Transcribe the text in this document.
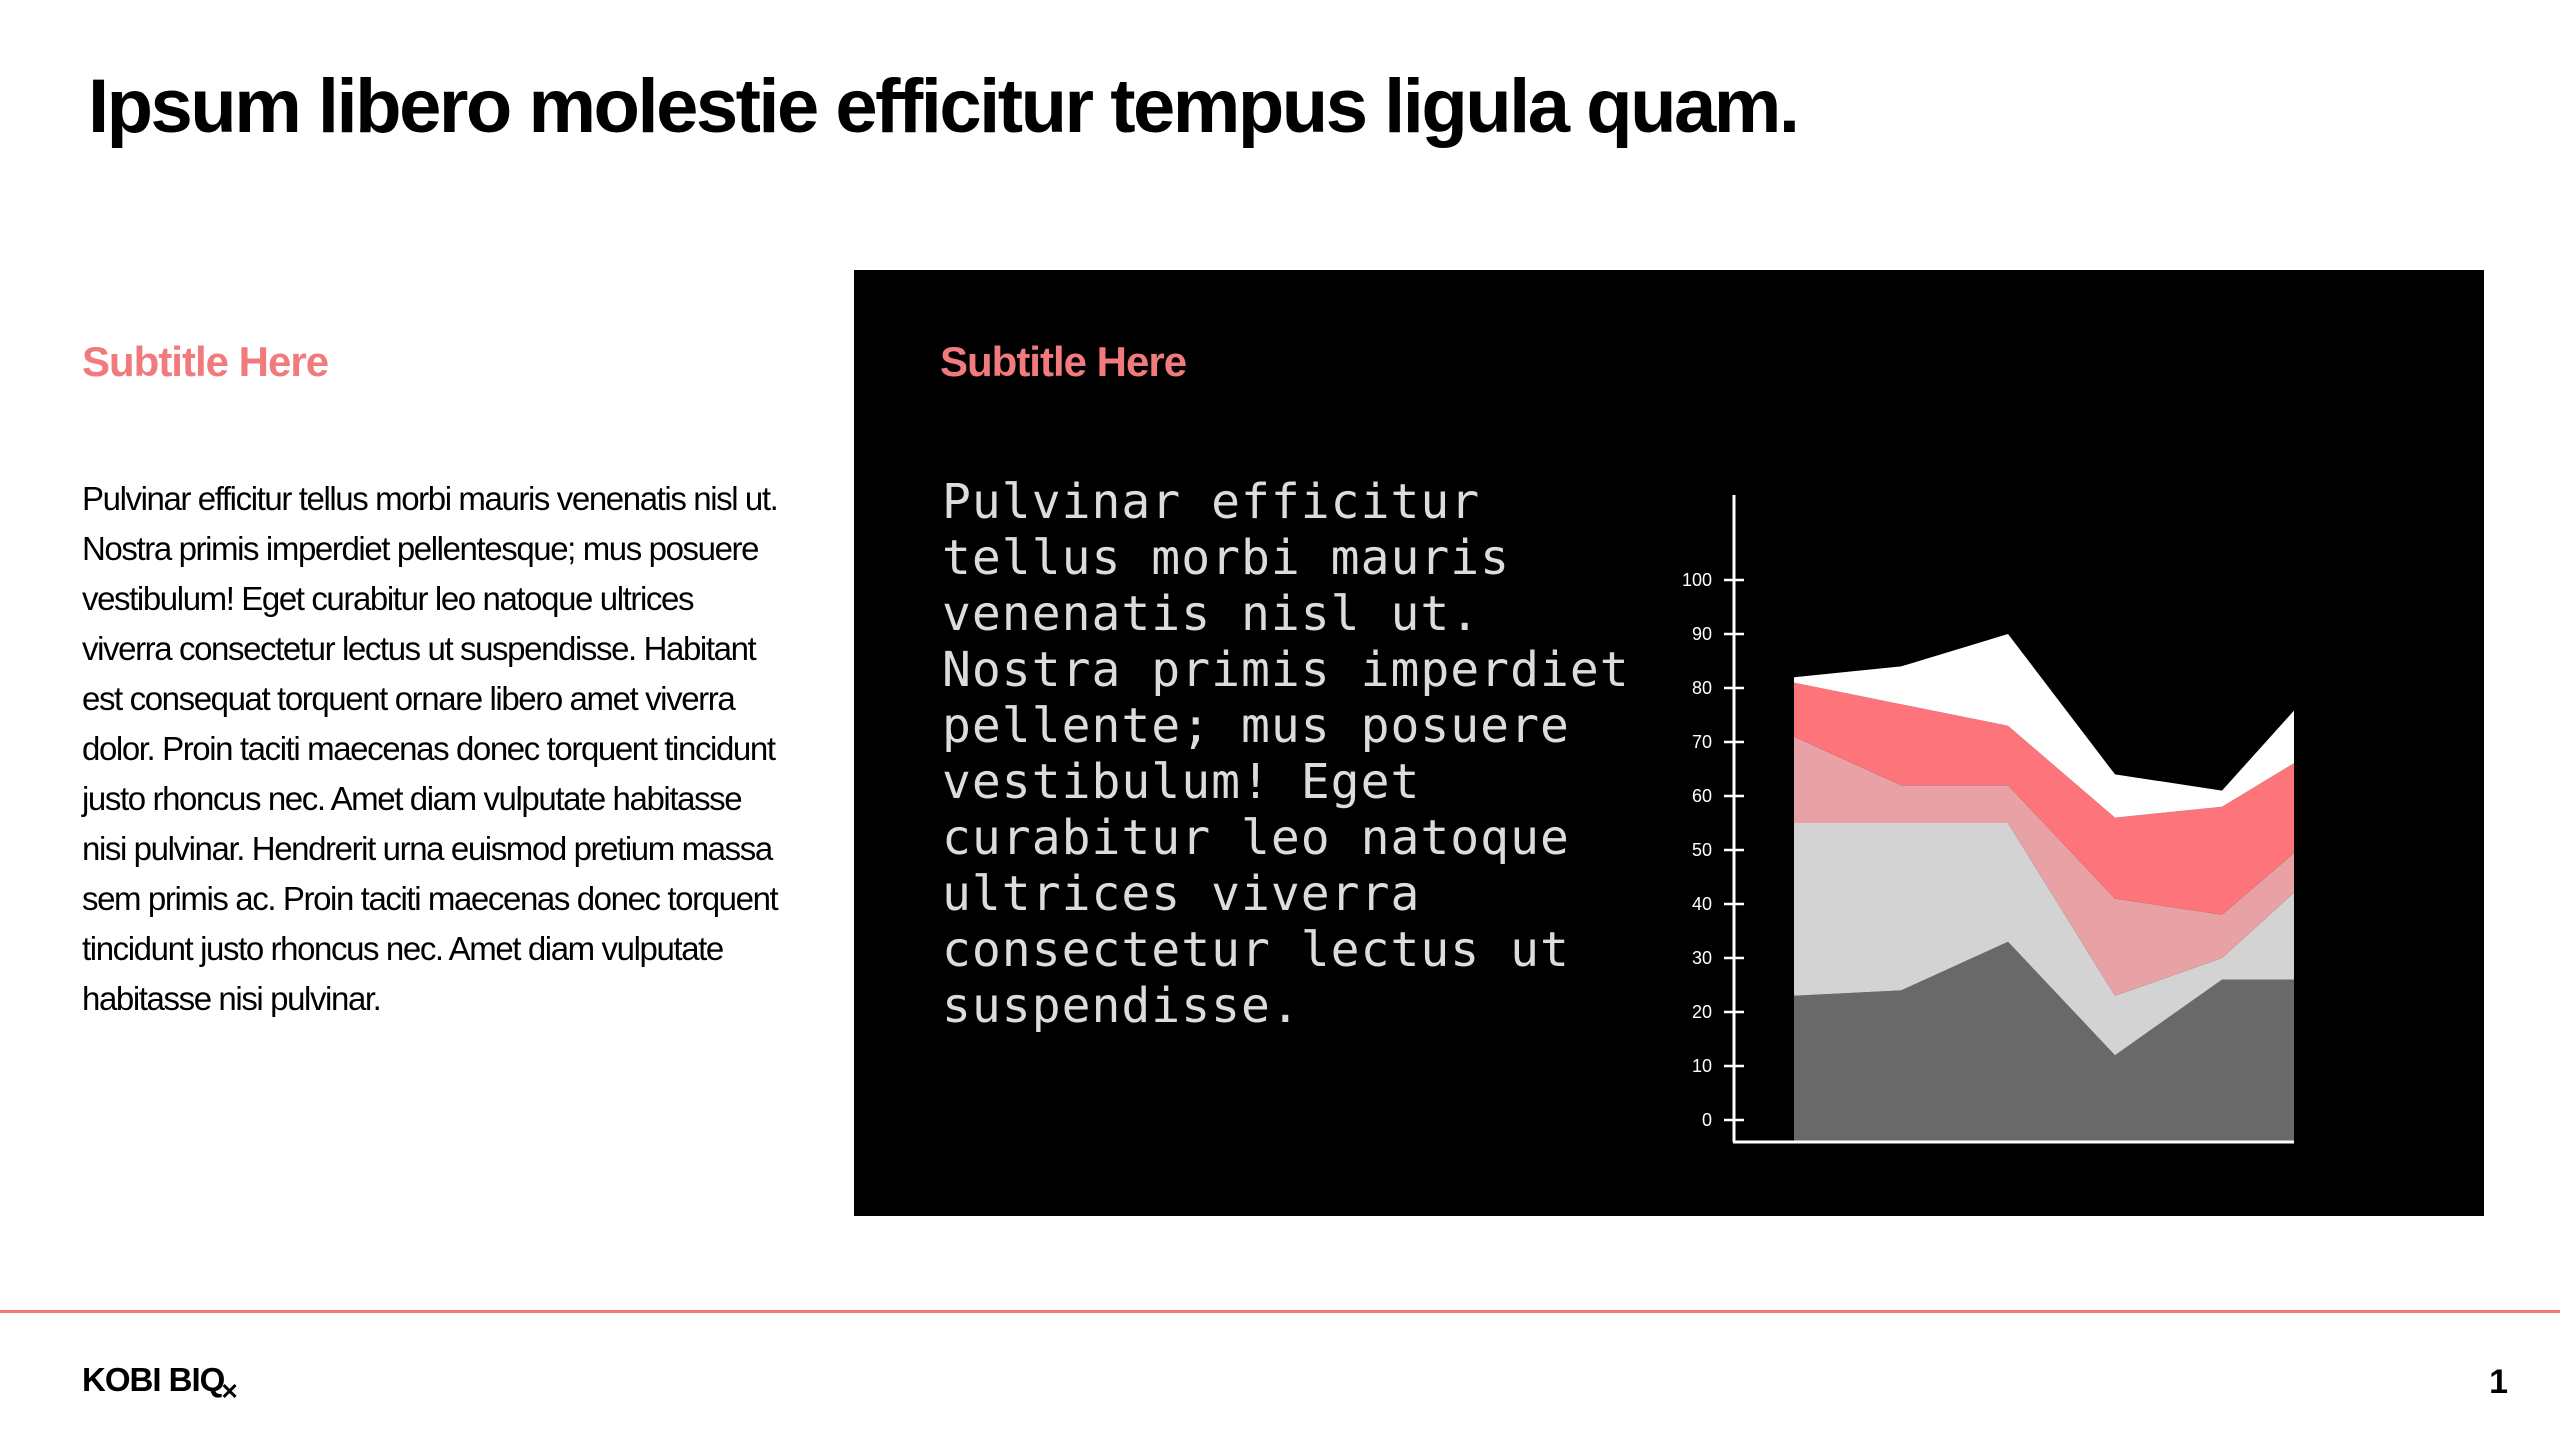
Ipsum libero molestie efficitur tempus ligula quam.
Subtitle Here

Pulvinar efficitur tellus morbi mauris venenatis nisl ut. Nostra primis imperdiet pellentesque; mus posuere vestibulum! Eget curabitur leo natoque ultrices viverra consectetur lectus ut suspendisse. Habitant est consequat torquent ornare libero amet viverra dolor. Proin taciti maecenas donec torquent tincidunt justo rhoncus nec. Amet diam vulputate habitasse nisi pulvinar. Hendrerit urna euismod pretium massa sem primis ac. Proin taciti maecenas donec torquent tincidunt justo rhoncus nec. Amet diam vulputate habitasse nisi pulvinar.

Subtitle Here

Pulvinar efficitur tellus morbi mauris venenatis nisl ut. Nostra primis imperdiet pellente; mus posuere vestibulum! Eget curabitur leo natoque ultrices viverra consectetur lectus ut suspendisse.

0
10
20
30
40
50
60
70
80
90
100
KOBI $BIQ_✕$	1
